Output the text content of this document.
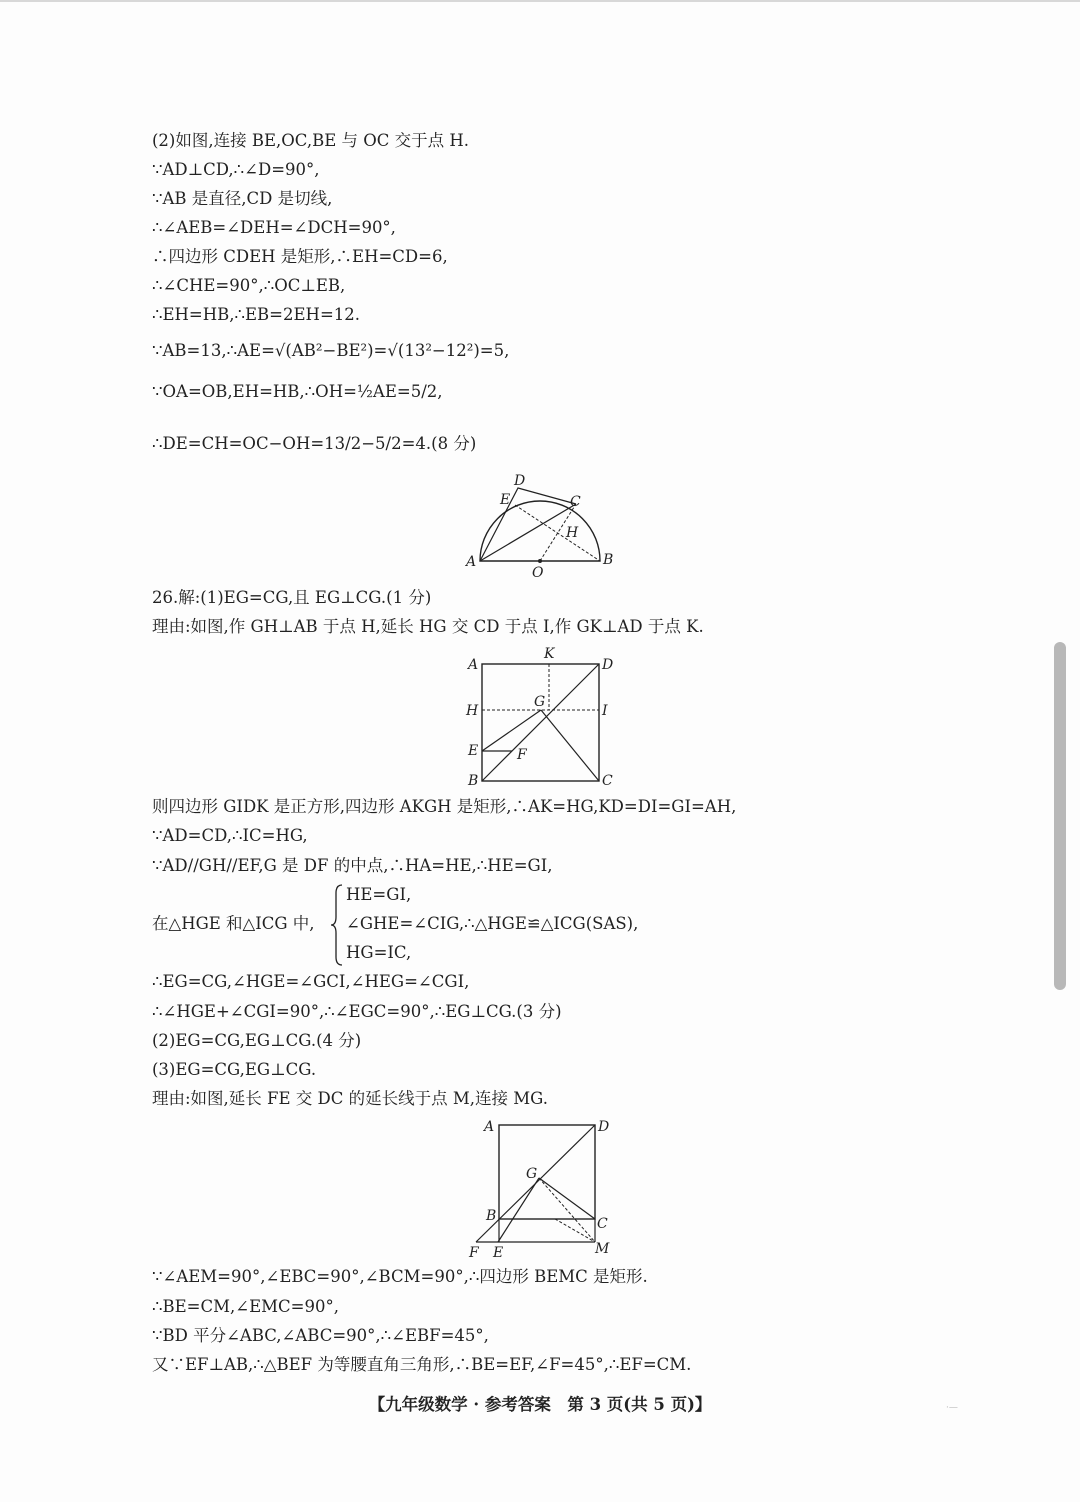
(2)如图,连接 BE,OC,BE 与 OC 交于点 H.
∵AD⊥CD,∴∠D=90°,
∵AB 是直径,CD 是切线,
∴∠AEB=∠DEH=∠DCH=90°,
∴四边形 CDEH 是矩形,∴EH=CD=6,
∴∠CHE=90°,∴OC⊥EB,
∴EH=HB,∴EB=2EH=12.
∵AB=13,∴AE=√(AB²−BE²)=√(13²−12²)=5,
∵OA=OB,EH=HB,∴OH=½AE=5/2,
∴DE=CH=OC−OH=13/2−5/2=4.(8 分)
D
E	C
H
A
O
B
26.解:(1)EG=CG,且 EG⊥CG.(1 分)
理由:如图,作 GH⊥AB 于点 H,延长 HG 交 CD 于点 I,作 GK⊥AD 于点 K.
A
K
D
G
H	I
E	F
B	C
则四边形 GIDK 是正方形,四边形 AKGH 是矩形,∴AK=HG,KD=DI=GI=AH,
∵AD=CD,∴IC=HG,
∵AD//GH//EF,G 是 DF 的中点,∴HA=HE,∴HE=GI,
HE=GI,
在△HGE 和△ICG 中, ∠GHE=∠CIG,∴△HGE≌△ICG(SAS),
HG=IC,
∴EG=CG,∠HGE=∠GCI,∠HEG=∠CGI,
∴∠HGE+∠CGI=90°,∴∠EGC=90°,∴EG⊥CG.(3 分)
(2)EG=CG,EG⊥CG.(4 分)
(3)EG=CG,EG⊥CG.
理由:如图,延长 FE 交 DC 的延长线于点 M,连接 MG.
A	D
G
B	C
F E	M
∵∠AEM=90°,∠EBC=90°,∠BCM=90°,∴四边形 BEMC 是矩形.
∴BE=CM,∠EMC=90°,
∵BD 平分∠ABC,∠ABC=90°,∴∠EBF=45°,
又∵EF⊥AB,∴△BEF 为等腰直角三角形,∴BE=EF,∠F=45°,∴EF=CM.
【九年级数学 · 参考答案　第 3 页(共 5 页)】	·—
